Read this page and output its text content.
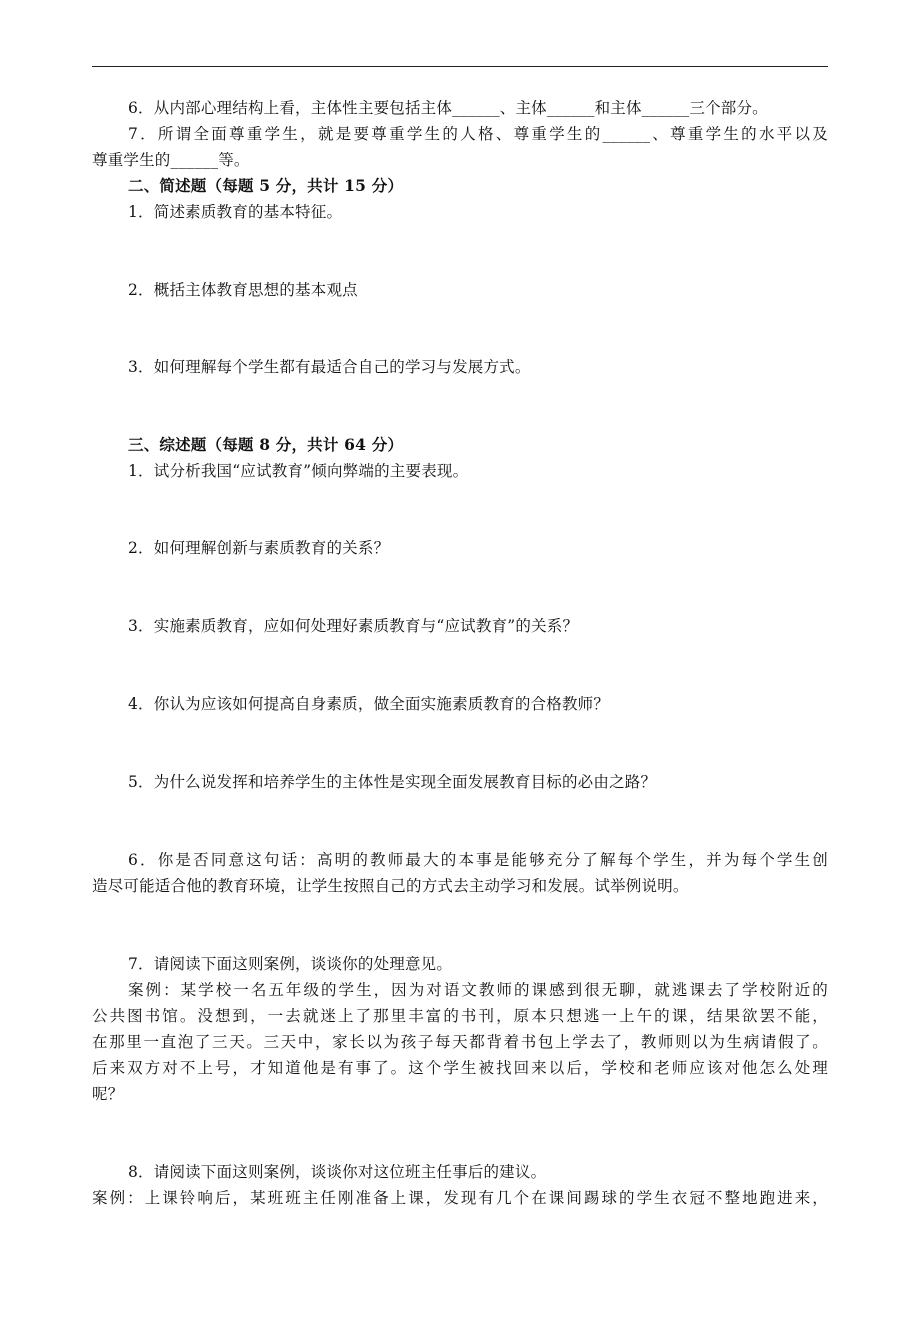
6．从内部心理结构上看，主体性主要包括主体______、主体______和主体______三个部分。
7．所谓全面尊重学生，就是要尊重学生的人格、尊重学生的______、尊重学生的水平以及
尊重学生的______等。
二、简述题（每题 5 分，共计 15 分）
1．简述素质教育的基本特征。
2．概括主体教育思想的基本观点
3．如何理解每个学生都有最适合自己的学习与发展方式。
三、综述题（每题 8 分，共计 64 分）
1．试分析我国“应试教育”倾向弊端的主要表现。
2．如何理解创新与素质教育的关系？
3．实施素质教育，应如何处理好素质教育与“应试教育”的关系？
4．你认为应该如何提高自身素质，做全面实施素质教育的合格教师？
5．为什么说发挥和培养学生的主体性是实现全面发展教育目标的必由之路？
6．你是否同意这句话：高明的教师最大的本事是能够充分了解每个学生，并为每个学生创
造尽可能适合他的教育环境，让学生按照自己的方式去主动学习和发展。试举例说明。
7．请阅读下面这则案例，谈谈你的处理意见。
案例：某学校一名五年级的学生，因为对语文教师的课感到很无聊，就逃课去了学校附近的
公共图书馆。没想到，一去就迷上了那里丰富的书刊，原本只想逃一上午的课，结果欲罢不能，
在那里一直泡了三天。三天中，家长以为孩子每天都背着书包上学去了，教师则以为生病请假了。
后来双方对不上号，才知道他是有事了。这个学生被找回来以后，学校和老师应该对他怎么处理
呢？
8．请阅读下面这则案例，谈谈你对这位班主任事后的建议。
案例：上课铃响后，某班班主任刚准备上课，发现有几个在课间踢球的学生衣冠不整地跑进来，
